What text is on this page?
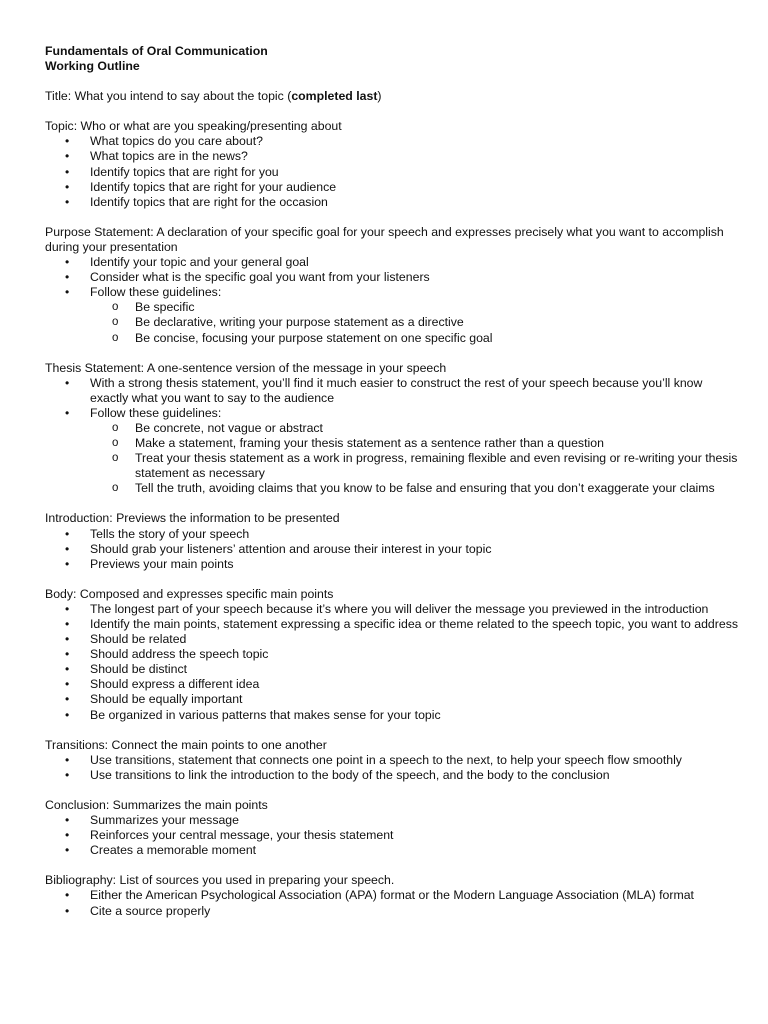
Fundamentals of Oral Communication
Working Outline

Title: What you intend to say about the topic (completed last)

Topic: Who or what are you speaking/presenting about

• What topics do you care about?
• What topics are in the news?
• Identify topics that are right for you
• Identify topics that are right for your audience
• Identify topics that are right for the occasion

Purpose Statement: A declaration of your specific goal for your speech and expresses precisely what you want to accomplish during your presentation

• Identify your topic and your general goal
• Consider what is the specific goal you want from your listeners
• Follow these guidelines:
o Be specific
o Be declarative, writing your purpose statement as a directive
o Be concise, focusing your purpose statement on one specific goal

Thesis Statement: A one-sentence version of the message in your speech

• With a strong thesis statement, you’ll find it much easier to construct the rest of your speech because you’ll know exactly what you want to say to the audience
• Follow these guidelines:
o Be concrete, not vague or abstract
o Make a statement, framing your thesis statement as a sentence rather than a question
o Treat your thesis statement as a work in progress, remaining flexible and even revising or re-writing your thesis statement as necessary
o Tell the truth, avoiding claims that you know to be false and ensuring that you don’t exaggerate your claims

Introduction: Previews the information to be presented

• Tells the story of your speech
• Should grab your listeners’ attention and arouse their interest in your topic
• Previews your main points

Body: Composed and expresses specific main points

• The longest part of your speech because it’s where you will deliver the message you previewed in the introduction
• Identify the main points, statement expressing a specific idea or theme related to the speech topic, you want to address
• Should be related
• Should address the speech topic
• Should be distinct
• Should express a different idea
• Should be equally important
• Be organized in various patterns that makes sense for your topic

Transitions: Connect the main points to one another

• Use transitions, statement that connects one point in a speech to the next, to help your speech flow smoothly
• Use transitions to link the introduction to the body of the speech, and the body to the conclusion

Conclusion: Summarizes the main points

• Summarizes your message
• Reinforces your central message, your thesis statement
• Creates a memorable moment

Bibliography: List of sources you used in preparing your speech.

• Either the American Psychological Association (APA) format or the Modern Language Association (MLA) format
• Cite a source properly
